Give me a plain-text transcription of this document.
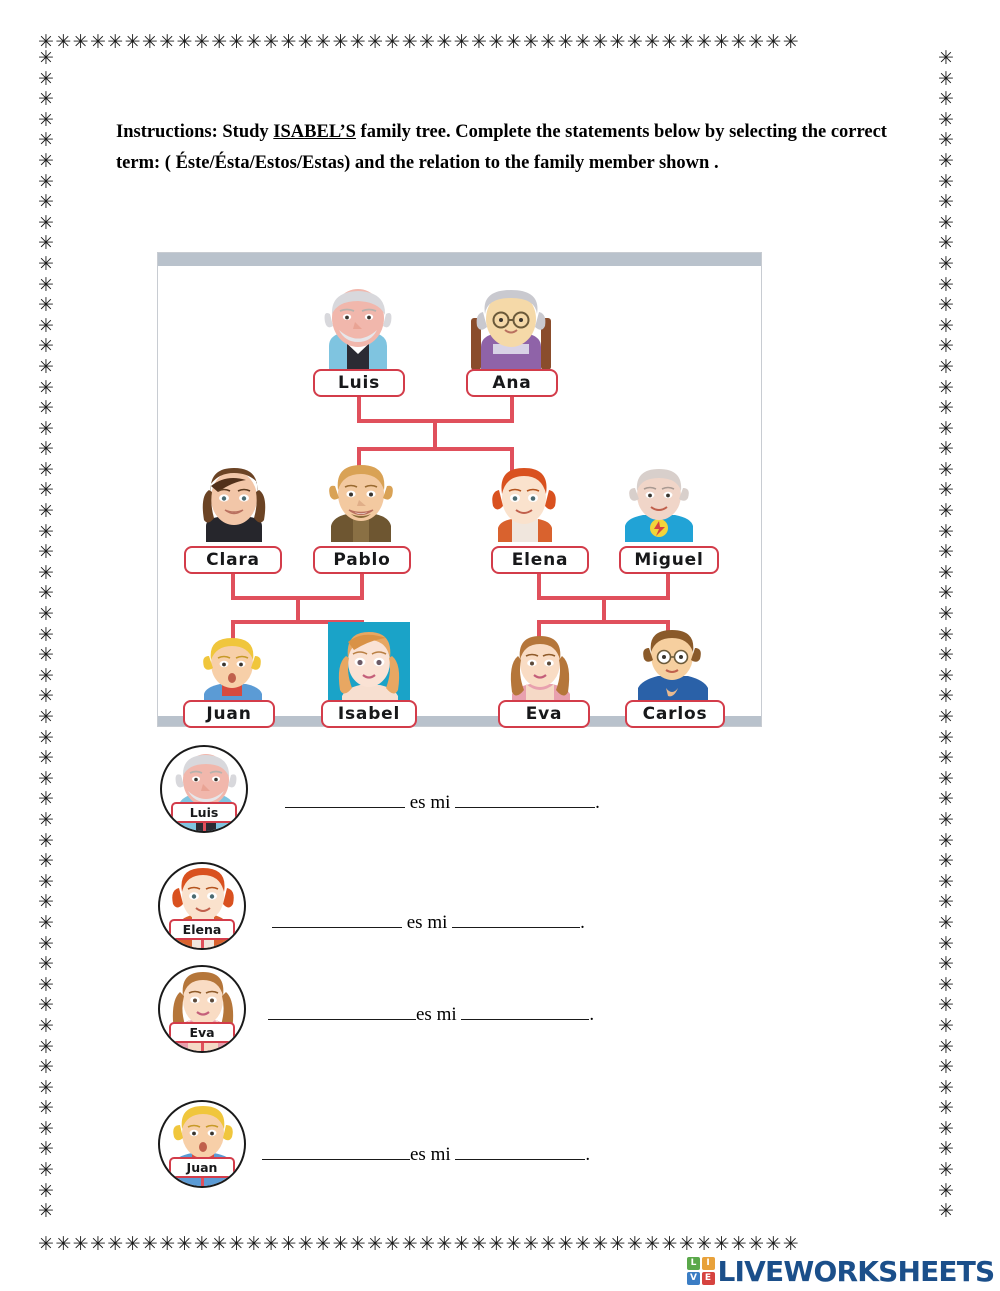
✳✳✳✳✳✳✳✳✳✳✳✳✳✳✳✳✳✳✳✳✳✳✳✳✳✳✳✳✳✳✳✳✳✳✳✳✳✳✳✳✳✳✳✳
✳✳✳✳✳✳✳✳✳✳✳✳✳✳✳✳✳✳✳✳✳✳✳✳✳✳✳✳✳✳✳✳✳✳✳✳✳✳✳✳✳✳✳✳
✳✳✳✳✳✳✳✳✳✳✳✳✳✳✳✳✳✳✳✳✳✳✳✳✳✳✳✳✳✳✳✳✳✳✳✳✳✳✳✳✳✳✳✳✳✳✳✳✳✳✳✳✳✳✳✳✳
✳✳✳✳✳✳✳✳✳✳✳✳✳✳✳✳✳✳✳✳✳✳✳✳✳✳✳✳✳✳✳✳✳✳✳✳✳✳✳✳✳✳✳✳✳✳✳✳✳✳✳✳✳✳✳✳✳
Instructions: Study ISABEL’S family tree. Complete the statements below by selecting the correct term: ( Éste/Ésta/Estos/Estas) and the relation to the family member shown .
Luis	Ana
Clara	Pablo	Elena	Miguel
Juan	Isabel	Eva	Carlos
Luis	es mi	.
Elena	es mi	.
Eva
es mi	.
Juan
es mi	.
L	I
V E LIVEWORKSHEETS
